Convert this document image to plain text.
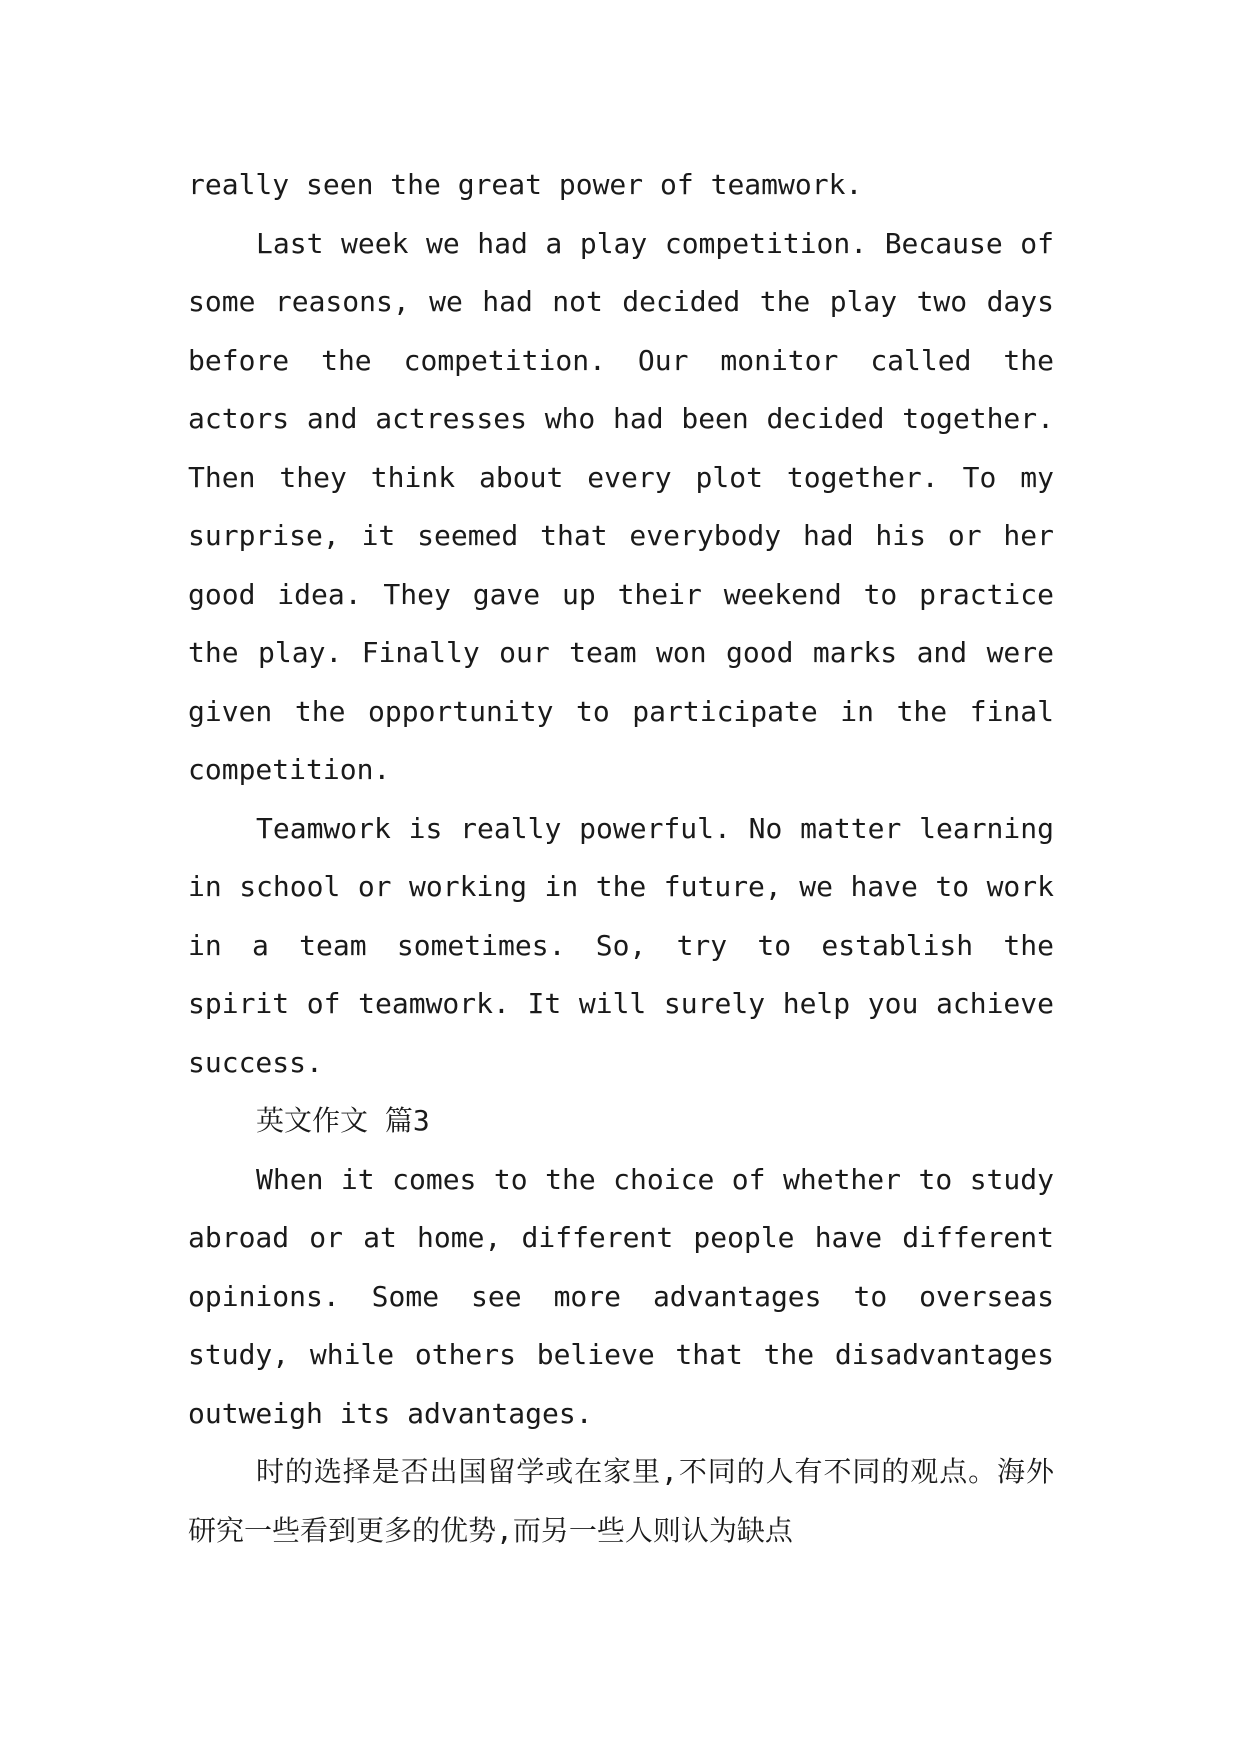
really seen the great power of teamwork.

Last week we had a play competition. Because of some reasons, we had not decided the play two days before the competition. Our monitor called the actors and actresses who had been decided together. Then they think about every plot together. To my surprise, it seemed that everybody had his or her good idea. They gave up their weekend to practice the play. Finally our team won good marks and were given the opportunity to participate in the final competition.

Teamwork is really powerful. No matter learning in school or working in the future, we have to work in a team sometimes. So, try to establish the spirit of teamwork. It will surely help you achieve success.

英文作文 篇3

When it comes to the choice of whether to study abroad or at home, different people have different opinions. Some see more advantages to overseas study, while others believe that the disadvantages outweigh its advantages.

时的选择是否出国留学或在家里,不同的人有不同的观点。海外研究一些看到更多的优势,而另一些人则认为缺点
